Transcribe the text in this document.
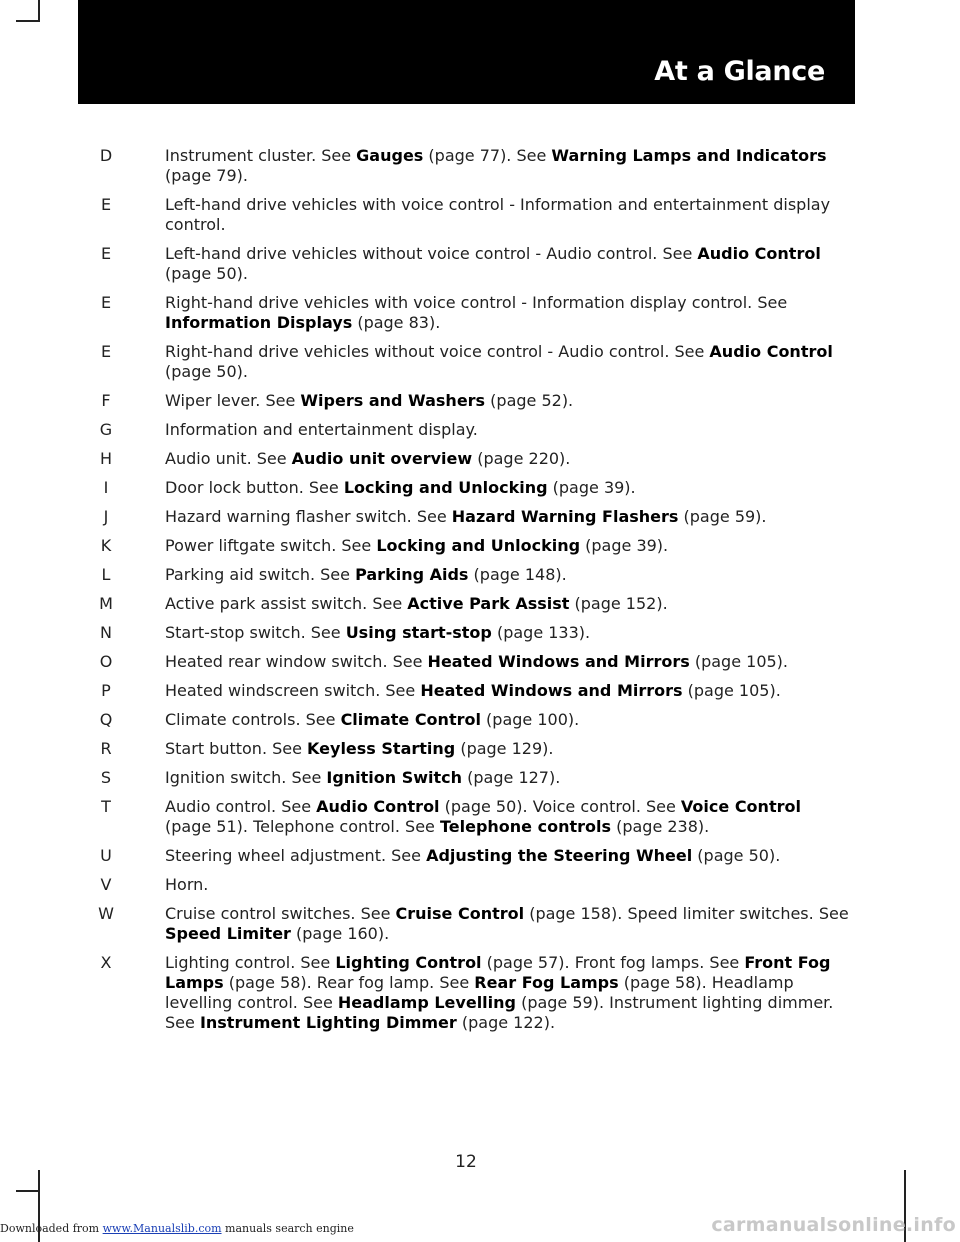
At a Glance
D	Instrument cluster. See Gauges (page 77). See Warning Lamps and Indicators (page 79).
E	Left-hand drive vehicles with voice control - Information and entertainment display control.
E	Left-hand drive vehicles without voice control - Audio control. See Audio Control (page 50).
E	Right-hand drive vehicles with voice control - Information display control. See Information Displays (page 83).
E	Right-hand drive vehicles without voice control - Audio control. See Audio Control (page 50).
F	Wiper lever. See Wipers and Washers (page 52).
G	Information and entertainment display.
H	Audio unit. See Audio unit overview (page 220).
I	Door lock button. See Locking and Unlocking (page 39).
J	Hazard warning flasher switch. See Hazard Warning Flashers (page 59).
K	Power liftgate switch. See Locking and Unlocking (page 39).
L	Parking aid switch. See Parking Aids (page 148).
M	Active park assist switch. See Active Park Assist (page 152).
N	Start-stop switch. See Using start-stop (page 133).
O	Heated rear window switch. See Heated Windows and Mirrors (page 105).
P	Heated windscreen switch. See Heated Windows and Mirrors (page 105).
Q	Climate controls. See Climate Control (page 100).
R	Start button. See Keyless Starting (page 129).
S	Ignition switch. See Ignition Switch (page 127).
T	Audio control. See Audio Control (page 50). Voice control. See Voice Control (page 51). Telephone control. See Telephone controls (page 238).
U	Steering wheel adjustment. See Adjusting the Steering Wheel (page 50).
V	Horn.
W	Cruise control switches. See Cruise Control (page 158). Speed limiter switches. See Speed Limiter (page 160).
X	Lighting control. See Lighting Control (page 57). Front fog lamps. See Front Fog Lamps (page 58). Rear fog lamp. See Rear Fog Lamps (page 58). Headlamp levelling control. See Headlamp Levelling (page 59). Instrument lighting dimmer. See Instrument Lighting Dimmer (page 122).
12
Downloaded from www.Manualslib.com manuals search engine	carmanualsonline.info
